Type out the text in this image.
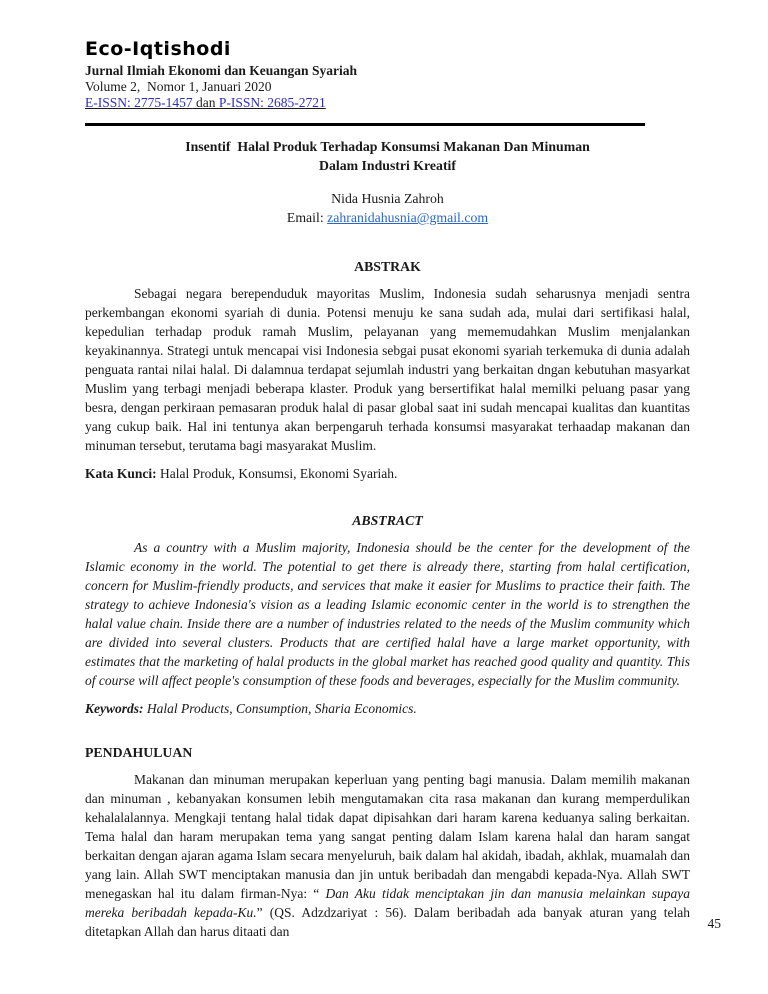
Eco-Iqtishodi
Jurnal Ilmiah Ekonomi dan Keuangan Syariah
Volume 2,  Nomor 1, Januari 2020
E-ISSN: 2775-1457 dan P-ISSN: 2685-2721
Insentif  Halal Produk Terhadap Konsumsi Makanan Dan Minuman
Dalam Industri Kreatif
Nida Husnia Zahroh
Email: zahranidahusnia@gmail.com
ABSTRAK

Sebagai negara berependuduk mayoritas Muslim, Indonesia sudah seharusnya menjadi sentra perkembangan ekonomi syariah di dunia. Potensi menuju ke sana sudah ada, mulai dari sertifikasi halal, kepedulian terhadap produk ramah Muslim, pelayanan yang mememudahkan Muslim menjalankan keyakinannya. Strategi untuk mencapai visi Indonesia sebgai pusat ekonomi syariah terkemuka di dunia adalah penguata rantai nilai halal. Di dalamnua terdapat sejumlah industri yang berkaitan dngan kebutuhan masyarkat Muslim yang terbagi menjadi beberapa klaster. Produk yang bersertifikat halal memilki peluang pasar yang besra, dengan perkiraan pemasaran produk halal di pasar global saat ini sudah mencapai kualitas dan kuantitas yang cukup baik. Hal ini tentunya akan berpengaruh terhada konsumsi masyarakat terhaadap makanan dan minuman tersebut, terutama bagi masyarakat Muslim.

Kata Kunci: Halal Produk, Konsumsi, Ekonomi Syariah.
ABSTRACT

As a country with a Muslim majority, Indonesia should be the center for the development of the Islamic economy in the world. The potential to get there is already there, starting from halal certification, concern for Muslim-friendly products, and services that make it easier for Muslims to practice their faith. The strategy to achieve Indonesia's vision as a leading Islamic economic center in the world is to strengthen the halal value chain. Inside there are a number of industries related to the needs of the Muslim community which are divided into several clusters. Products that are certified halal have a large market opportunity, with estimates that the marketing of halal products in the global market has reached good quality and quantity. This of course will affect people's consumption of these foods and beverages, especially for the Muslim community.

Keywords: Halal Products, Consumption, Sharia Economics.
PENDAHULUAN

Makanan dan minuman merupakan keperluan yang penting bagi manusia. Dalam memilih makanan dan minuman , kebanyakan konsumen lebih mengutamakan cita rasa makanan dan kurang memperdulikan kehalalalannya. Mengkaji tentang halal tidak dapat dipisahkan dari haram karena keduanya saling berkaitan. Tema halal dan haram merupakan tema yang sangat penting dalam Islam karena halal dan haram sangat berkaitan dengan ajaran agama Islam secara menyeluruh, baik dalam hal akidah, ibadah, akhlak, muamalah dan yang lain. Allah SWT menciptakan manusia dan jin untuk beribadah dan mengabdi kepada-Nya. Allah SWT menegaskan hal itu dalam firman-Nya: “ Dan Aku tidak menciptakan jin dan manusia melainkan supaya mereka beribadah kepada-Ku.” (QS. Adzdzariyat : 56). Dalam beribadah ada banyak aturan yang telah ditetapkan Allah dan harus ditaati dan

45
